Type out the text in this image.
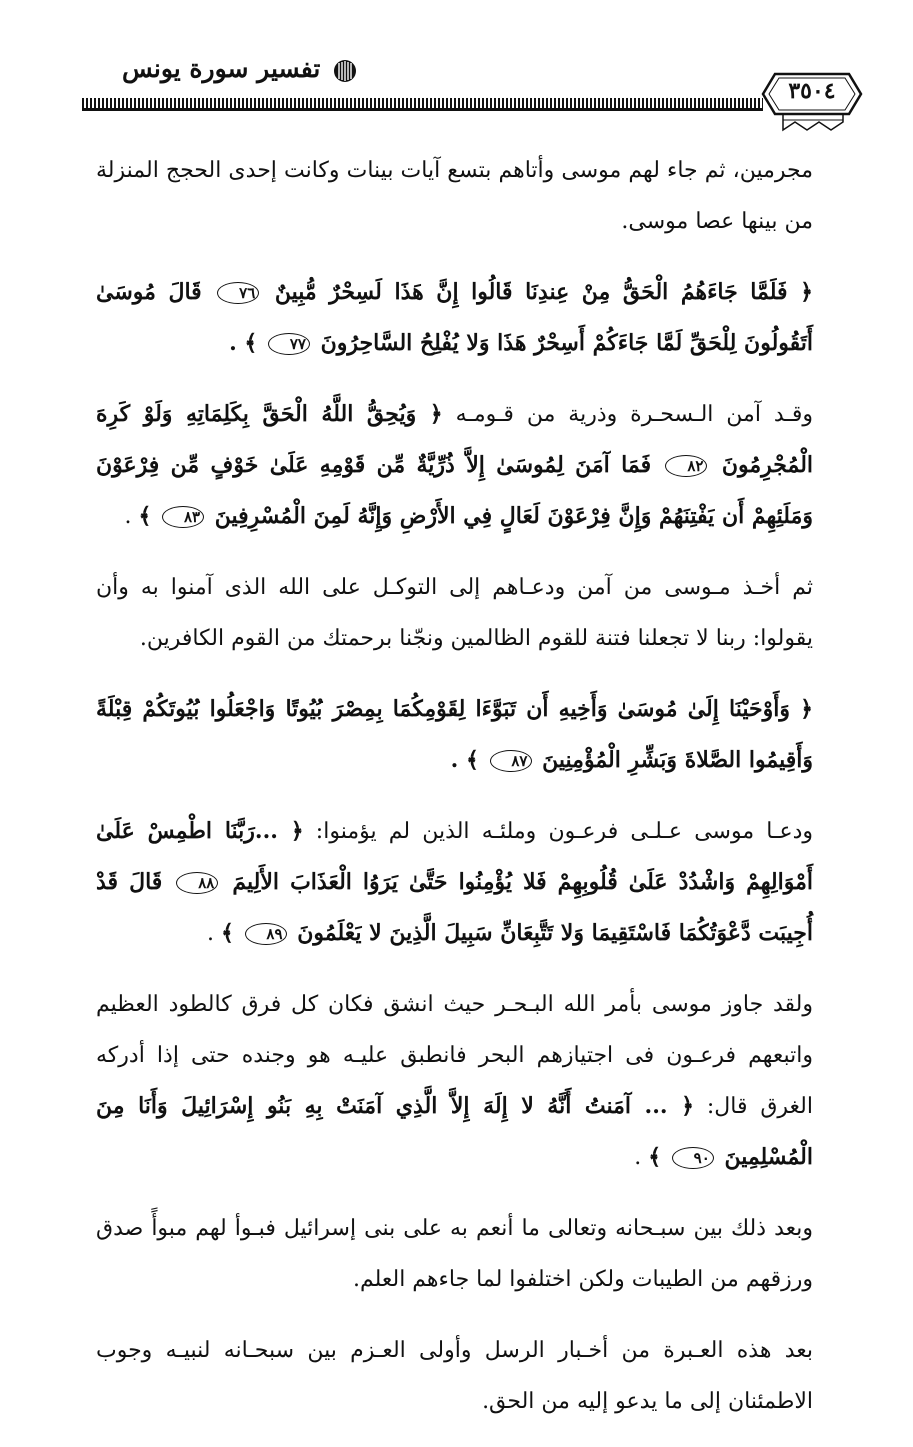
تفسير سورة يونس
٣٥٠٤

مجرمين، ثم جاء لهم موسى وأتاهم بتسع آيات بينات وكانت إحدى الحجج المنزلة من بينها عصا موسى.

﴿ فَلَمَّا جَاءَهُمُ الْحَقُّ مِنْ عِندِنَا قَالُوا إِنَّ هَذَا لَسِحْرٌ مُّبِينٌ ٧٦ قَالَ مُوسَىٰ أَتَقُولُونَ لِلْحَقِّ لَمَّا جَاءَكُمْ أَسِحْرٌ هَذَا وَلا يُفْلِحُ السَّاحِرُونَ ٧٧ ﴾ .

وقـد آمن الـسحـرة وذرية من قـومـه ﴿ وَيُحِقُّ اللَّهُ الْحَقَّ بِكَلِمَاتِهِ وَلَوْ كَرِهَ الْمُجْرِمُونَ ٨٢ فَمَا آمَنَ لِمُوسَىٰ إِلاَّ ذُرِّيَّةٌ مِّن قَوْمِهِ عَلَىٰ خَوْفٍ مِّن فِرْعَوْنَ وَمَلَئِهِمْ أَن يَفْتِنَهُمْ وَإِنَّ فِرْعَوْنَ لَعَالٍ فِي الأَرْضِ وَإِنَّهُ لَمِنَ الْمُسْرِفِينَ ٨٣ ﴾ .

ثم أخـذ مـوسى من آمن ودعـاهم إلى التوكـل على الله الذى آمنوا به وأن يقولوا: ربنا لا تجعلنا فتنة للقوم الظالمين ونجّنا برحمتك من القوم الكافرين.

﴿ وَأَوْحَيْنَا إِلَىٰ مُوسَىٰ وَأَخِيهِ أَن تَبَوَّءَا لِقَوْمِكُمَا بِمِصْرَ بُيُوتًا وَاجْعَلُوا بُيُوتَكُمْ قِبْلَةً وَأَقِيمُوا الصَّلاةَ وَبَشِّرِ الْمُؤْمِنِينَ ٨٧ ﴾ .

ودعـا موسى عـلـى فرعـون وملئـه الذين لم يؤمنوا: ﴿ ...رَبَّنَا اطْمِسْ عَلَىٰ أَمْوَالِهِمْ وَاشْدُدْ عَلَىٰ قُلُوبِهِمْ فَلا يُؤْمِنُوا حَتَّىٰ يَرَوُا الْعَذَابَ الأَلِيمَ ٨٨ قَالَ قَدْ أُجِيبَت دَّعْوَتُكُمَا فَاسْتَقِيمَا وَلا تَتَّبِعَانِّ سَبِيلَ الَّذِينَ لا يَعْلَمُونَ ٨٩ ﴾ .

ولقد جاوز موسى بأمر الله البـحـر حيث انشق فكان كل فرق كالطود العظيم واتبعهم فرعـون فى اجتيازهم البحر فانطبق عليـه هو وجنده حتى إذا أدركه الغرق قال: ﴿ ... آمَنتُ أَنَّهُ لا إِلَهَ إِلاَّ الَّذِي آمَنَتْ بِهِ بَنُو إِسْرَائِيلَ وَأَنَا مِنَ الْمُسْلِمِينَ ٩٠ ﴾ .

وبعد ذلك بين سبـحانه وتعالى ما أنعم به على بنى إسرائيل فبـوأ لهم مبوأً صدق ورزقهم من الطيبات ولكن اختلفوا لما جاءهم العلم.

بعد هذه العـبرة من أخـبار الرسل وأولى العـزم بين سبحـانه لنبيـه وجوب الاطمئنان إلى ما يدعو إليه من الحق.
